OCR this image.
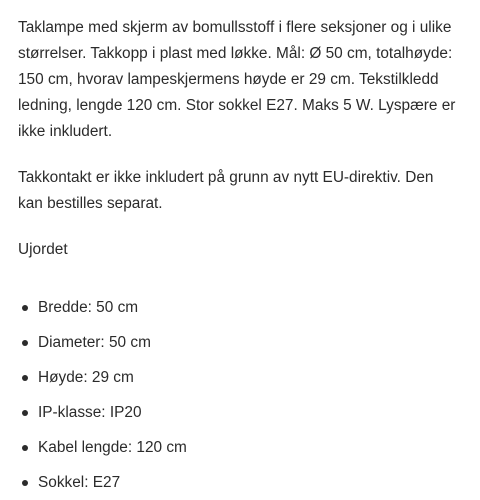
Taklampe med skjerm av bomullsstoff i flere seksjoner og i ulike størrelser. Takkopp i plast med løkke. Mål: Ø 50 cm, totalhøyde: 150 cm, hvorav lampeskjermens høyde er 29 cm. Tekstilkledd ledning, lengde 120 cm. Stor sokkel E27. Maks 5 W. Lyspære er ikke inkludert.

Takkontakt er ikke inkludert på grunn av nytt EU-direktiv. Den kan bestilles separat.

Ujordet

Bredde: 50 cm
Diameter: 50 cm
Høyde: 29 cm
IP-klasse: IP20
Kabel lengde: 120 cm
Sokkel: E27
